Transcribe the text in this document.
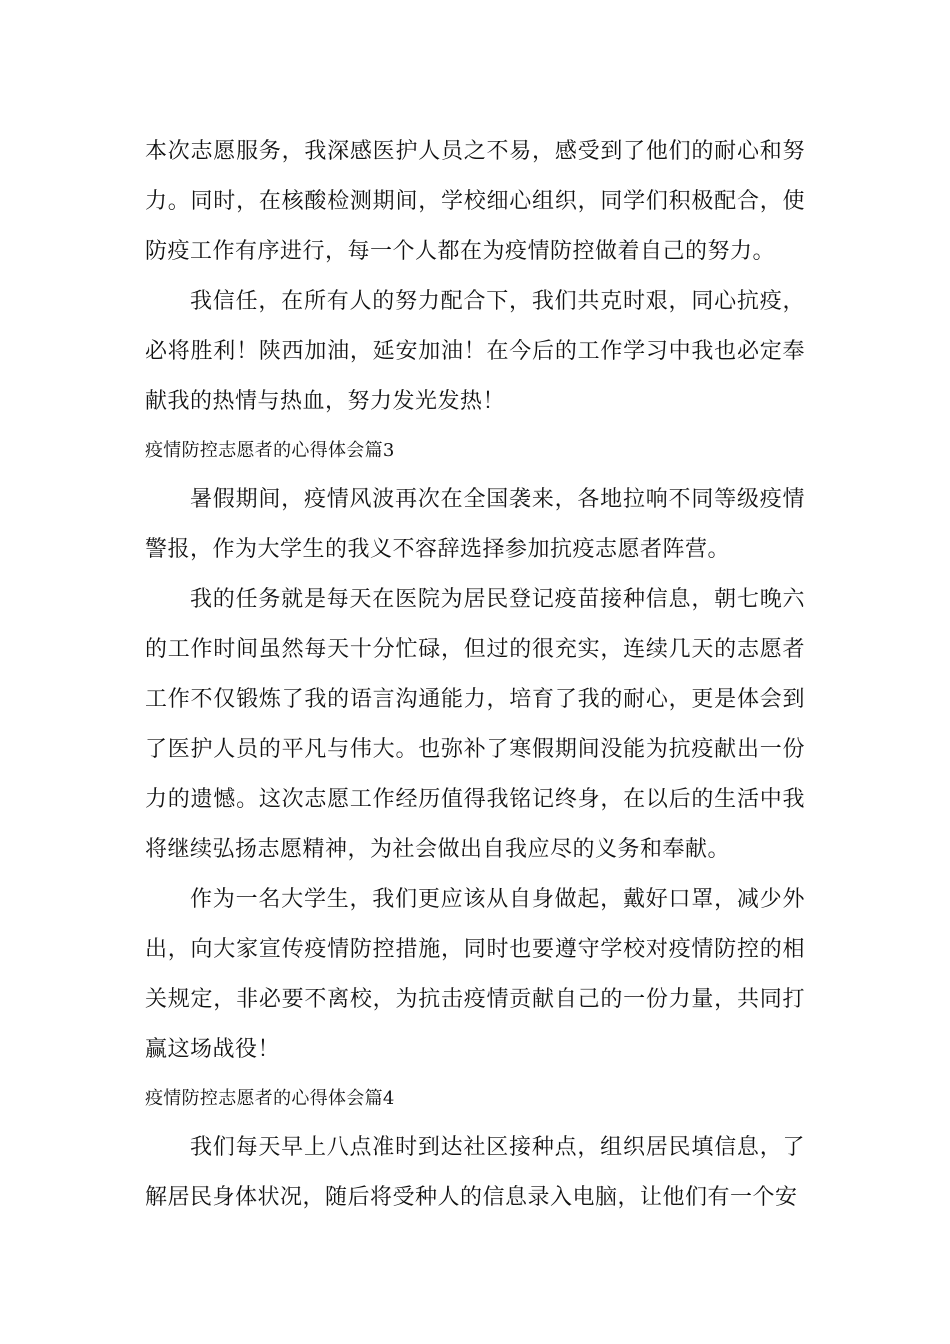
本次志愿服务，我深感医护人员之不易，感受到了他们的耐心和努力。同时，在核酸检测期间，学校细心组织，同学们积极配合，使防疫工作有序进行，每一个人都在为疫情防控做着自己的努力。

我信任，在所有人的努力配合下，我们共克时艰，同心抗疫，必将胜利！陕西加油，延安加油！在今后的工作学习中我也必定奉献我的热情与热血，努力发光发热！

疫情防控志愿者的心得体会篇3

暑假期间，疫情风波再次在全国袭来，各地拉响不同等级疫情警报，作为大学生的我义不容辞选择参加抗疫志愿者阵营。

我的任务就是每天在医院为居民登记疫苗接种信息，朝七晚六的工作时间虽然每天十分忙碌，但过的很充实，连续几天的志愿者工作不仅锻炼了我的语言沟通能力，培育了我的耐心，更是体会到了医护人员的平凡与伟大。也弥补了寒假期间没能为抗疫献出一份力的遗憾。这次志愿工作经历值得我铭记终身，在以后的生活中我将继续弘扬志愿精神，为社会做出自我应尽的义务和奉献。

作为一名大学生，我们更应该从自身做起，戴好口罩，减少外出，向大家宣传疫情防控措施，同时也要遵守学校对疫情防控的相关规定，非必要不离校，为抗击疫情贡献自己的一份力量，共同打赢这场战役！

疫情防控志愿者的心得体会篇4

我们每天早上八点准时到达社区接种点，组织居民填信息，了解居民身体状况，随后将受种人的信息录入电脑，让他们有一个安
